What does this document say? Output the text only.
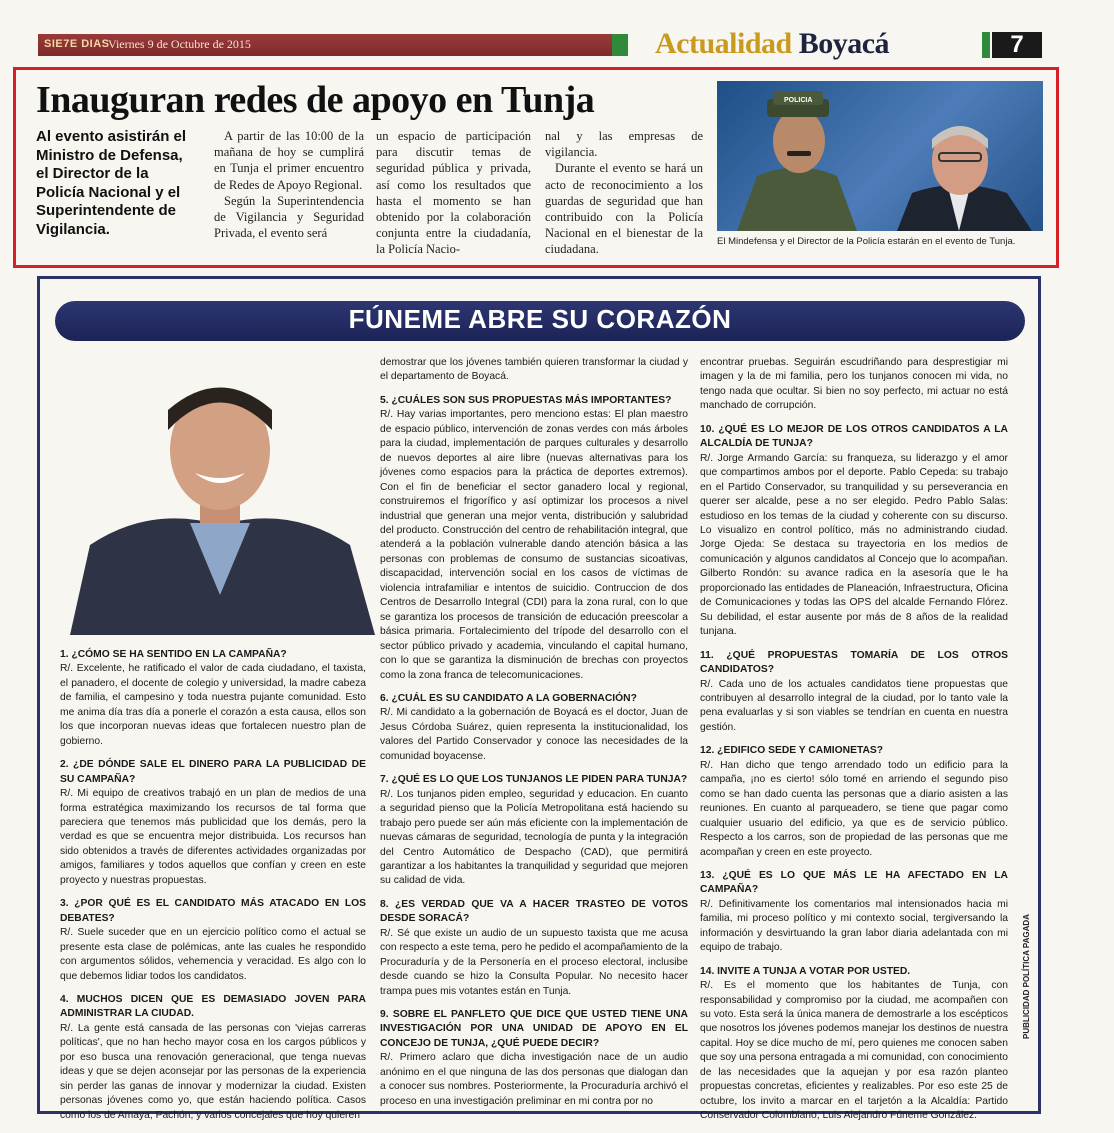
SIE7E DIAS
Viernes 9 de Octubre de 2015	Actualidad Boyacá	7
Inauguran redes de apoyo en Tunja
Al evento asistirán el Ministro de Defensa, el Director de la Policía Nacional y el Superintendente de Vigilancia.

A partir de las 10:00 de la mañana de hoy se cumplirá en Tunja el primer encuentro de Redes de Apoyo Regional.

Según la Superintendencia de Vigilancia y Seguridad Privada, el evento será

un espacio de participación para discutir temas de seguridad pública y privada, así como los resultados que hasta el momento se han obtenido por la colaboración conjunta entre la ciudadanía, la Policía Nacio-

nal y las empresas de vigilancia.

Durante el evento se hará un acto de reconocimiento a los guardas de seguridad que han contribuido con la Policía Nacional en el bienestar de la ciudadana.

POLICIA
El Mindefensa y el Director de la Policía estarán en el evento de Tunja.
FÚNEME ABRE SU CORAZÓN

1. ¿CÓMO SE HA SENTIDO EN LA CAMPAÑA?

R/. Excelente, he ratificado el valor de cada ciudadano, el taxista, el panadero, el docente de colegio y universidad, la madre cabeza de familia, el campesino y toda nuestra pujante comunidad. Esto me anima día tras día a ponerle el corazón a esta causa, ellos son los que incorporan nuevas ideas que fortalecen nuestro plan de gobierno.

2. ¿DE DÓNDE SALE EL DINERO PARA LA PUBLICIDAD DE SU CAMPAÑA?

R/. Mi equipo de creativos trabajó en un plan de medios de una forma estratégica maximizando los recursos de tal forma que pareciera que tenemos más publicidad que los demás, pero la verdad es que se encuentra mejor distribuida. Los recursos han sido obtenidos a través de diferentes actividades organizadas por amigos, familiares y todos aquellos que confían y creen en este proyecto y nuestras propuestas.

3. ¿POR QUÉ ES EL CANDIDATO MÁS ATACADO EN LOS DEBATES?

R/. Suele suceder que en un ejercicio político como el actual se presente esta clase de polémicas, ante las cuales he respondido con argumentos sólidos, vehemencia y veracidad. Es algo con lo que debemos lidiar todos los candidatos.

4. MUCHOS DICEN QUE ES DEMASIADO JOVEN PARA ADMINISTRAR LA CIUDAD.

R/. La gente está cansada de las personas con 'viejas carreras políticas', que no han hecho mayor cosa en los cargos públicos y por eso busca una renovación generacional, que tenga nuevas ideas y que se dejen aconsejar por las personas de la experiencia sin perder las ganas de innovar y modernizar la ciudad. Existen personas jóvenes como yo, que están haciendo política. Casos como los de Amaya, Pachón, y varios concejales que hoy quieren

demostrar que los jóvenes también quieren transformar la ciudad y el departamento de Boyacá.

5. ¿CUÁLES SON SUS PROPUESTAS MÁS IMPORTANTES?

R/. Hay varias importantes, pero menciono estas: El plan maestro de espacio público, intervención de zonas verdes con más árboles para la ciudad, implementación de parques culturales y desarrollo de nuevos deportes al aire libre (nuevas alternativas para los jóvenes como espacios para la práctica de deportes extremos). Con el fin de beneficiar el sector ganadero local y regional, construiremos el frigorífico y así optimizar los procesos a nivel industrial que generan una mejor venta, distribución y salubridad del producto. Construcción del centro de rehabilitación integral, que atenderá a la población vulnerable dando atención básica a las personas con problemas de consumo de sustancias sicoativas, discapacidad, intervención social en los casos de víctimas de violencia intrafamiliar e intentos de suicidio. Contruccion de dos Centros de Desarrollo Integral (CDI) para la zona rural, con lo que se garantiza los procesos de transición de educación preescolar a básica primaria. Fortalecimiento del trípode del desarrollo con el sector público privado y academia, vinculando el capital humano, con lo que se garantiza la disminución de brechas con proyectos como la zona franca de telecomunicaciones.

6. ¿CUÁL ES SU CANDIDATO A LA GOBERNACIÓN?

R/. Mi candidato a la gobernación de Boyacá es el doctor, Juan de Jesus Córdoba Suárez, quien representa la institucionalidad, los valores del Partido Conservador y conoce las necesidades de la comunidad boyacense.

7. ¿QUÉ ES LO QUE LOS TUNJANOS LE PIDEN PARA TUNJA?

R/. Los tunjanos piden empleo, seguridad y educacion. En cuanto a seguridad pienso que la Policía Metropolitana está haciendo su trabajo pero puede ser aún más eficiente con la implementación de nuevas cámaras de seguridad, tecnología de punta y la integración del Centro Automático de Despacho (CAD), que permitirá garantizar a los habitantes la tranquilidad y seguridad que mejoren su calidad de vida.

8. ¿ES VERDAD QUE VA A HACER TRASTEO DE VOTOS DESDE SORACÁ?

R/. Sé que existe un audio de un supuesto taxista que me acusa con respecto a este tema, pero he pedido el acompañamiento de la Procuraduría y de la Personería en el proceso electoral, inclusibe desde cuando se hizo la Consulta Popular. No necesito hacer trampa pues mis votantes están en Tunja.

9. SOBRE EL PANFLETO QUE DICE QUE USTED TIENE UNA INVESTIGACIÓN POR UNA UNIDAD DE APOYO EN EL CONCEJO DE TUNJA, ¿QUÉ PUEDE DECIR?

R/. Primero aclaro que dicha investigación nace de un audio anónimo en el que ninguna de las dos personas que dialogan dan a conocer sus nombres. Posteriormente, la Procuraduría archivó el proceso en una investigación preliminar en mi contra por no

encontrar pruebas. Seguirán escudriñando para desprestigiar mi imagen y la de mi familia, pero los tunjanos conocen mi vida, no tengo nada que ocultar. Si bien no soy perfecto, mi actuar no está manchado de corrupción.

10. ¿QUÉ ES LO MEJOR DE LOS OTROS CANDIDATOS A LA ALCALDÍA DE TUNJA?

R/. Jorge Armando García: su franqueza, su liderazgo y el amor que compartimos ambos por el deporte. Pablo Cepeda: su trabajo en el Partido Conservador, su tranquilidad y su perseverancia en querer ser alcalde, pese a no ser elegido. Pedro Pablo Salas: estudioso en los temas de la ciudad y coherente con su discurso. Lo visualizo en control político, más no administrando ciudad. Jorge Ojeda: Se destaca su trayectoria en los medios de comunicación y algunos candidatos al Concejo que lo acompañan. Gilberto Rondón: su avance radica en la asesoría que le ha proporcionado las entidades de Planeación, Infraestructura, Oficina de Comunicaciones y todas las OPS del alcalde Fernando Flórez. Su debilidad, el estar ausente por más de 8 años de la realidad tunjana.

11. ¿QUÉ PROPUESTAS TOMARÍA DE LOS OTROS CANDIDATOS?

R/. Cada uno de los actuales candidatos tiene propuestas que contribuyen al desarrollo integral de la ciudad, por lo tanto vale la pena evaluarlas y si son viables se tendrían en cuenta en nuestra gestión.

12. ¿EDIFICO SEDE Y CAMIONETAS?

R/. Han dicho que tengo arrendado todo un edificio para la campaña, ¡no es cierto! sólo tomé en arriendo el segundo piso como se han dado cuenta las personas que a diario asisten a las reuniones. En cuanto al parqueadero, se tiene que pagar como cualquier usuario del edificio, ya que es de servicio público. Respecto a los carros, son de propiedad de las personas que me acompañan y creen en este proyecto.

13. ¿QUÉ ES LO QUE MÁS LE HA AFECTADO EN LA CAMPAÑA?

R/. Definitivamente los comentarios mal intensionados hacia mi familia, mi proceso político y mi contexto social, tergiversando la información y desvirtuando la gran labor diaria adelantada con mi equipo de trabajo.

14. INVITE A TUNJA A VOTAR POR USTED.

R/. Es el momento que los habitantes de Tunja, con responsabilidad y compromiso por la ciudad, me acompañen con su voto. Esta será la única manera de demostrarle a los escépticos que nosotros los jóvenes podemos manejar los destinos de nuestra capital. Hoy se dice mucho de mí, pero quienes me conocen saben que soy una persona entragada a mi comunidad, con conocimiento de las necesidades que la aquejan y por esa razón planteo propuestas concretas, eficientes y realizables. Por eso este 25 de octubre, los invito a marcar en el tarjetón a la Alcaldía: Partido Conservador Colombiano, Luis Alejandro Fúneme González.

PUBLICIDAD POLÍTICA PAGADA
